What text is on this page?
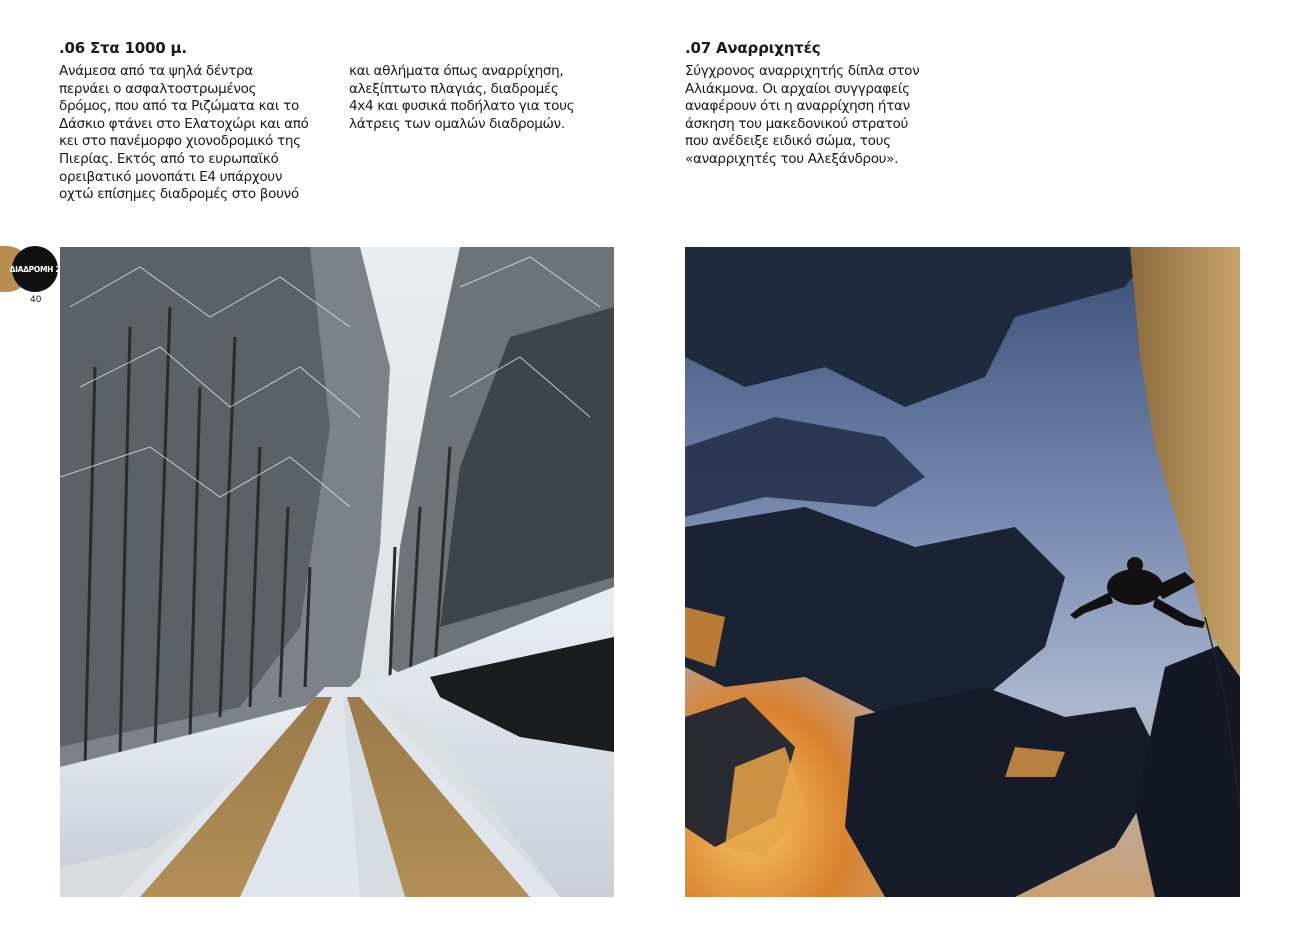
.06 Στα 1000 μ.
Ανάμεσα από τα ψηλά δέντρα
περνάει ο ασφαλτοστρωμένος
δρόμος, που από τα Ριζώματα και το
Δάσκιο φτάνει στο Ελατοχώρι και από
κει στο πανέμορφο χιονοδρομικό της
Πιερίας. Εκτός από το ευρωπαϊκό
ορειβατικό μονοπάτι Ε4 υπάρχουν
οχτώ επίσημες διαδρομές στο βουνό
και αθλήματα όπως αναρρίχηση,
αλεξίπτωτο πλαγιάς, διαδρομές
4x4 και φυσικά ποδήλατο για τους
λάτρεις των ομαλών διαδρομών.
.07 Αναρριχητές
Σύγχρονος αναρριχητής δίπλα στον
Αλιάκμονα. Οι αρχαίοι συγγραφείς
αναφέρουν ότι η αναρρίχηση ήταν
άσκηση του μακεδονικού στρατού
που ανέδειξε ειδικό σώμα, τους
«αναρριχητές του Αλεξάνδρου».
ΔΙΑΔΡΟΜΗ 2
40
